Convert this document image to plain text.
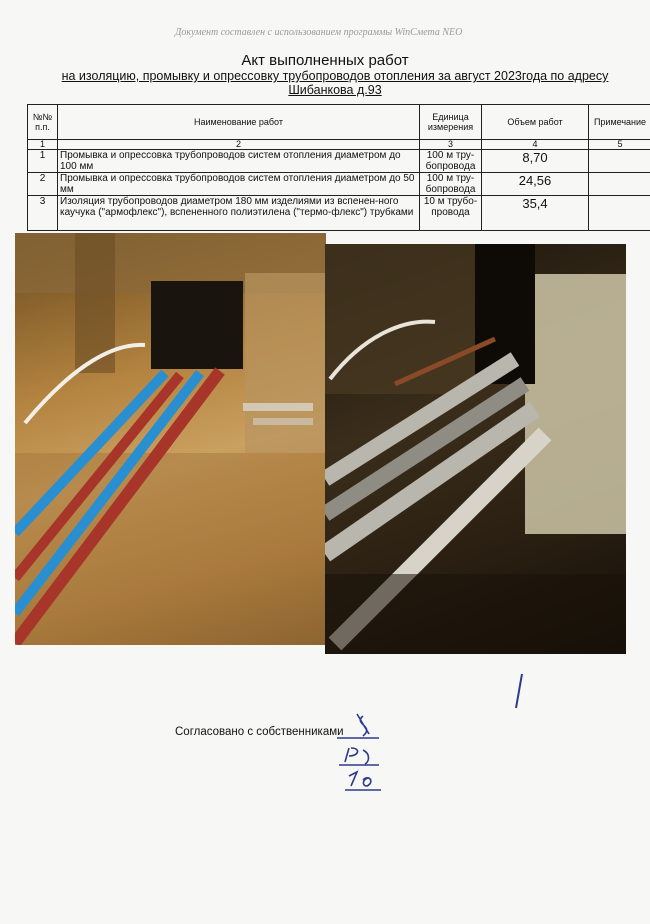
Документ составлен с использованием программы WinСмета NEO
Акт выполненных работ
на изоляцию, промывку и опрессовку трубопроводов отопления за август 2023года по адресу
Шибанкова д.93
№№ п.п.	Наименование работ	Единица измерения	Объем работ	Примечание
1	2	3	4	5
1	Промывка и опрессовка трубопроводов систем отопления диаметром до 100 мм	100 м тру-бопровода	8,70	
2	Промывка и опрессовка трубопроводов систем отопления диаметром до 50 мм	100 м тру-бопровода	24,56	
3	Изоляция трубопроводов диаметром 180 мм изделиями из вспенен-ного каучука ("армофлекс"), вспененного полиэтилена ("термо-флекс") трубками	10 м трубо-провода	35,4	
Согласовано с собственниками
